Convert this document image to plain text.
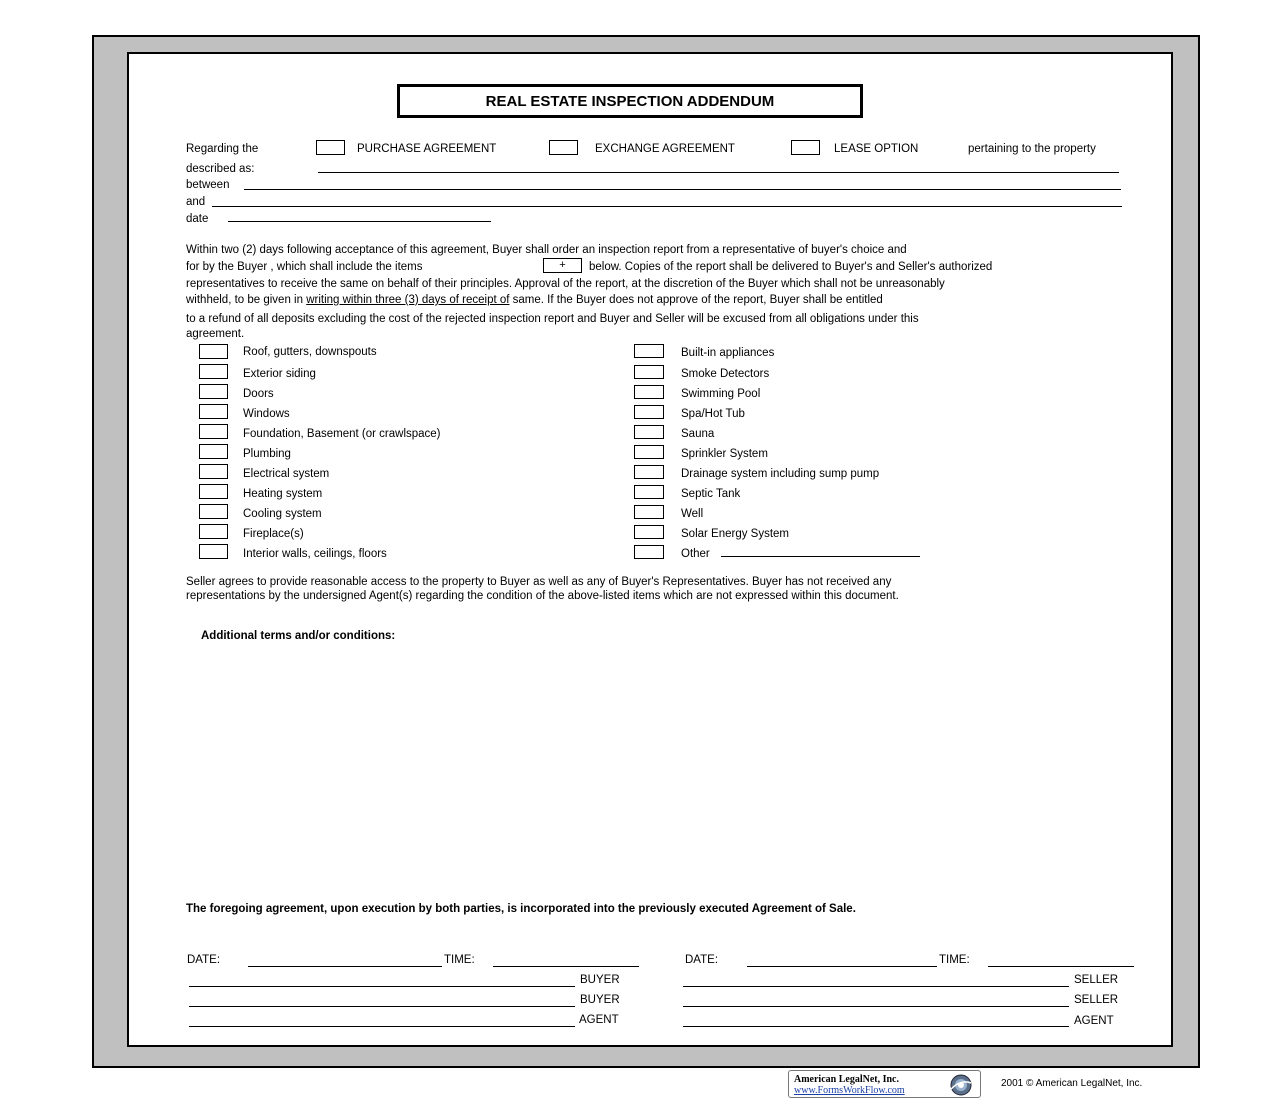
REAL ESTATE INSPECTION ADDENDUM
Regarding the	PURCHASE AGREEMENT	EXCHANGE AGREEMENT	LEASE OPTION	pertaining to the property
described as:
between
and
date
Within two (2) days following acceptance of this agreement, Buyer shall order an inspection report from a representative of buyer's choice and
for by the Buyer , which shall include the items	+	below. Copies of the report shall be delivered to Buyer's and Seller's authorized
representatives to receive the same on behalf of their principles. Approval of the report, at the discretion of the Buyer which shall not be unreasonably
withheld, to be given in writing within three (3) days of receipt of same. If the Buyer does not approve of the report, Buyer shall be entitled
to a refund of all deposits excluding the cost of the rejected inspection report and Buyer and Seller will be excused from all obligations under this
agreement.
Roof, gutters, downspouts
Exterior siding
Doors
Windows
Foundation, Basement (or crawlspace)
Plumbing
Electrical system
Heating system
Cooling system
Fireplace(s)
Interior walls, ceilings, floors
Built-in appliances
Smoke Detectors
Swimming Pool
Spa/Hot Tub
Sauna
Sprinkler System
Drainage system including sump pump
Septic Tank
Well
Solar Energy System
Other
Seller agrees to provide reasonable access to the property to Buyer as well as any of Buyer's Representatives. Buyer has not received any
representations by the undersigned Agent(s) regarding the condition of the above-listed items which are not expressed within this document.
Additional terms and/or conditions:
The foregoing agreement, upon execution by both parties, is incorporated into the previously executed Agreement of Sale.
DATE:	TIME:
BUYER
BUYER
AGENT
DATE:	TIME:
SELLER
SELLER
AGENT
American LegalNet, Inc.
www.FormsWorkFlow.com
2001 © American LegalNet, Inc.
